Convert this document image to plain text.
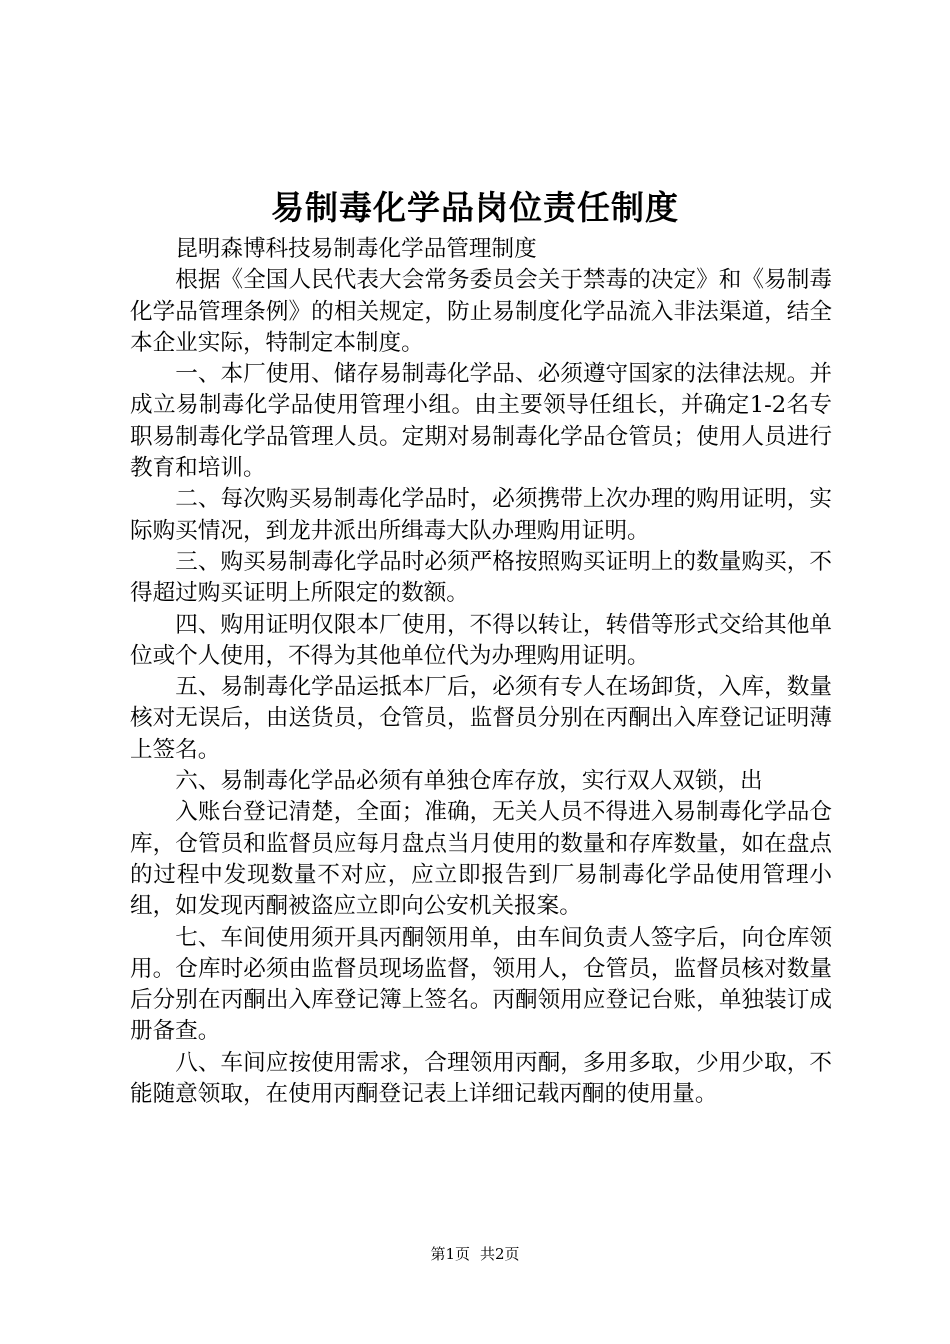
易制毒化学品岗位责任制度

昆明森博科技易制毒化学品管理制度

根据《全国人民代表大会常务委员会关于禁毒的决定》和《易制毒化学品管理条例》的相关规定，防止易制度化学品流入非法渠道，结全本企业实际，特制定本制度。

一、本厂使用、储存易制毒化学品、必须遵守国家的法律法规。并成立易制毒化学品使用管理小组。由主要领导任组长，并确定1-2名专职易制毒化学品管理人员。定期对易制毒化学品仓管员；使用人员进行教育和培训。

二、每次购买易制毒化学品时，必须携带上次办理的购用证明，实际购买情况，到龙井派出所缉毒大队办理购用证明。

三、购买易制毒化学品时必须严格按照购买证明上的数量购买，不得超过购买证明上所限定的数额。

四、购用证明仅限本厂使用，不得以转让，转借等形式交给其他单位或个人使用，不得为其他单位代为办理购用证明。

五、易制毒化学品运抵本厂后，必须有专人在场卸货，入库，数量核对无误后，由送货员，仓管员，监督员分别在丙酮出入库登记证明薄上签名。

六、易制毒化学品必须有单独仓库存放，实行双人双锁，出

入账台登记清楚，全面；准确，无关人员不得进入易制毒化学品仓库，仓管员和监督员应每月盘点当月使用的数量和存库数量，如在盘点的过程中发现数量不对应，应立即报告到厂易制毒化学品使用管理小组，如发现丙酮被盗应立即向公安机关报案。

七、车间使用须开具丙酮领用单，由车间负责人签字后，向仓库领用。仓库时必须由监督员现场监督，领用人，仓管员，监督员核对数量后分别在丙酮出入库登记簿上签名。丙酮领用应登记台账，单独装订成册备查。

八、车间应按使用需求，合理领用丙酮，多用多取，少用少取，不能随意领取，在使用丙酮登记表上详细记载丙酮的使用量。

第1页 共2页
